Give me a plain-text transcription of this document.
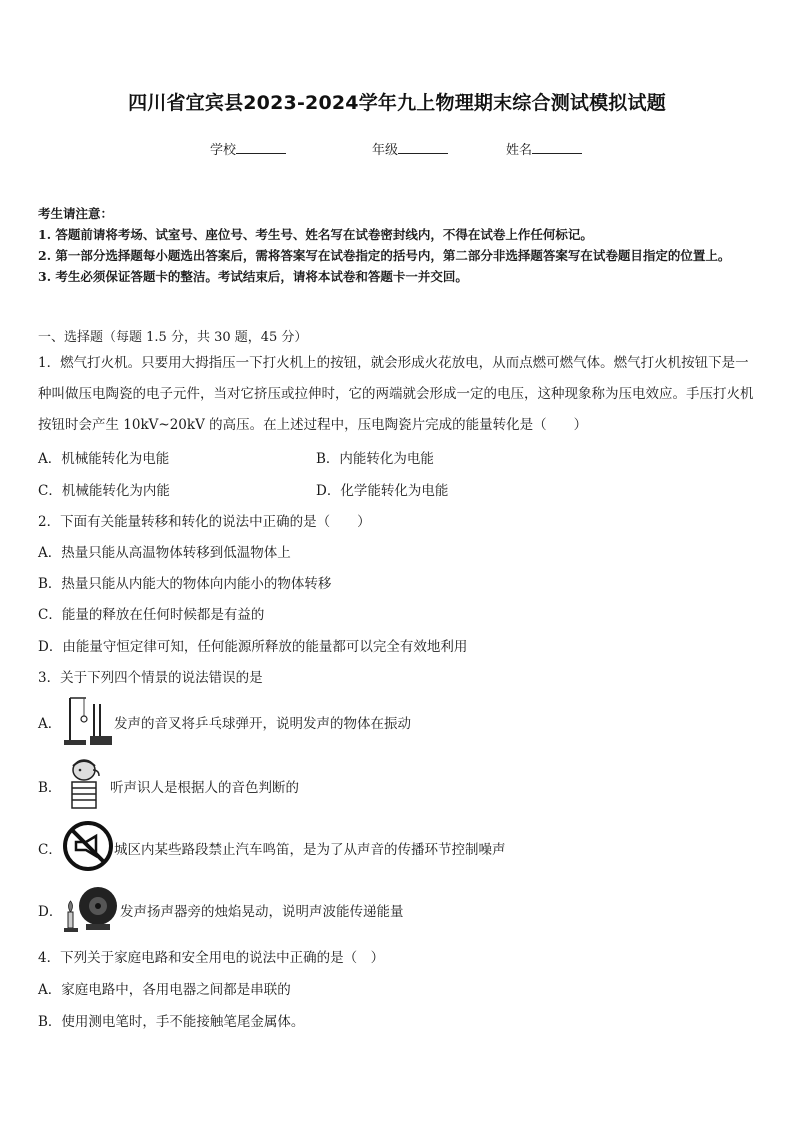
四川省宜宾县2023-2024学年九上物理期末综合测试模拟试题
学校	年级	姓名

考生请注意：

1. 答题前请将考场、试室号、座位号、考生号、姓名写在试卷密封线内，不得在试卷上作任何标记。

2. 第一部分选择题每小题选出答案后，需将答案写在试卷指定的括号内，第二部分非选择题答案写在试卷题目指定的位置上。

3. 考生必须保证答题卡的整洁。考试结束后，请将本试卷和答题卡一并交回。

一、选择题（每题 1.5 分，共 30 题，45 分）

1．燃气打火机。只要用大拇指压一下打火机上的按钮，就会形成火花放电，从而点燃可燃气体。燃气打火机按钮下是一种叫做压电陶瓷的电子元件，当对它挤压或拉伸时，它的两端就会形成一定的电压，这种现象称为压电效应。手压打火机按钮时会产生 10kV~20kV 的高压。在上述过程中，压电陶瓷片完成的能量转化是（　　）

A．机械能转化为电能	B．内能转化为电能
C．机械能转化为内能	D．化学能转化为电能
2．下面有关能量转移和转化的说法中正确的是（　　）
A．热量只能从高温物体转移到低温物体上
B．热量只能从内能大的物体向内能小的物体转移
C．能量的释放在任何时候都是有益的
D．由能量守恒定律可知，任何能源所释放的能量都可以完全有效地利用
3．关于下列四个情景的说法错误的是
A．	发声的音叉将乒乓球弹开，说明发声的物体在振动
B．	听声识人是根据人的音色判断的
C．	城区内某些路段禁止汽车鸣笛，是为了从声音的传播环节控制噪声
D．	发声扬声器旁的烛焰晃动，说明声波能传递能量
4．下列关于家庭电路和安全用电的说法中正确的是（　）
A．家庭电路中，各用电器之间都是串联的
B．使用测电笔时，手不能接触笔尾金属体。
